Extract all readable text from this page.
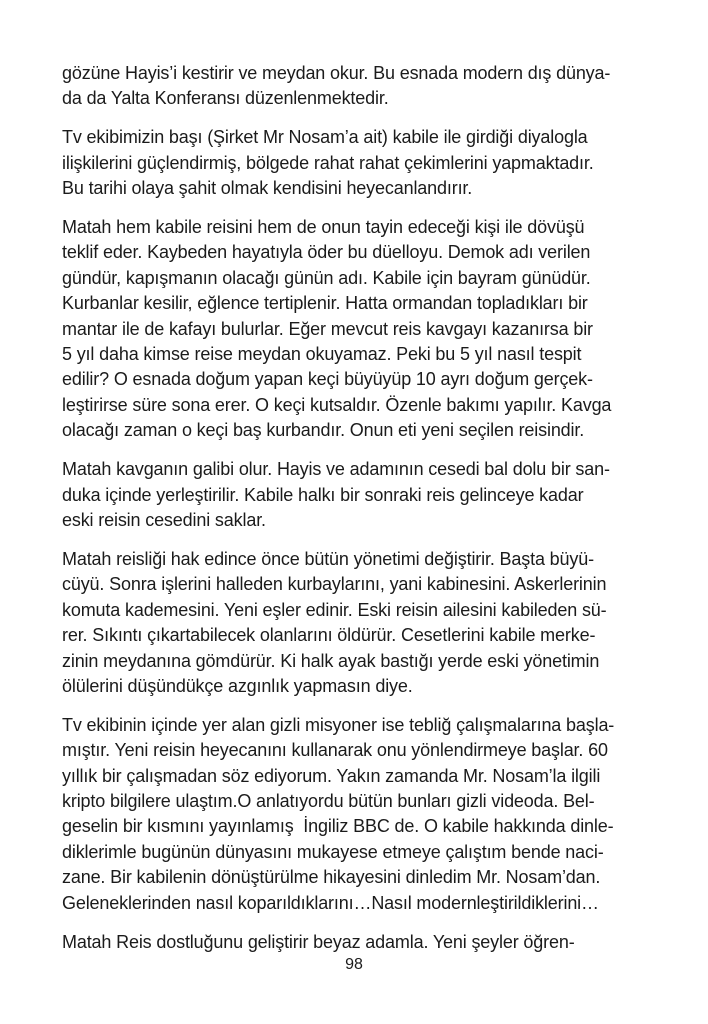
gözüne Hayis’i kestirir ve meydan okur. Bu esnada modern dış dünya-
da da Yalta Konferansı düzenlenmektedir.

Tv ekibimizin başı (Şirket Mr Nosam’a ait) kabile ile girdiği diyalogla
ilişkilerini güçlendirmiş, bölgede rahat rahat çekimlerini yapmaktadır.
Bu tarihi olaya şahit olmak kendisini heyecanlandırır.

Matah hem kabile reisini hem de onun tayin edeceği kişi ile dövüşü
teklif eder. Kaybeden hayatıyla öder bu düelloyu. Demok adı verilen
gündür, kapışmanın olacağı günün adı. Kabile için bayram günüdür.
Kurbanlar kesilir, eğlence tertiplenir. Hatta ormandan topladıkları bir
mantar ile de kafayı bulurlar. Eğer mevcut reis kavgayı kazanırsa bir
5 yıl daha kimse reise meydan okuyamaz. Peki bu 5 yıl nasıl tespit
edilir? O esnada doğum yapan keçi büyüyüp 10 ayrı doğum gerçek-
leştirirse süre sona erer. O keçi kutsaldır. Özenle bakımı yapılır. Kavga
olacağı zaman o keçi baş kurbandır. Onun eti yeni seçilen reisindir.

Matah kavganın galibi olur. Hayis ve adamının cesedi bal dolu bir san-
duka içinde yerleştirilir. Kabile halkı bir sonraki reis gelinceye kadar
eski reisin cesedini saklar.

Matah reisliği hak edince önce bütün yönetimi değiştirir. Başta büyü-
cüyü. Sonra işlerini halleden kurbaylarını, yani kabinesini. Askerlerinin
komuta kademesini. Yeni eşler edinir. Eski reisin ailesini kabileden sü-
rer. Sıkıntı çıkartabilecek olanlarını öldürür. Cesetlerini kabile merke-
zinin meydanına gömdürür. Ki halk ayak bastığı yerde eski yönetimin
ölülerini düşündükçe azgınlık yapmasın diye.

Tv ekibinin içinde yer alan gizli misyoner ise tebliğ çalışmalarına başla-
mıştır. Yeni reisin heyecanını kullanarak onu yönlendirmeye başlar. 60
yıllık bir çalışmadan söz ediyorum. Yakın zamanda Mr. Nosam’la ilgili
kripto bilgilere ulaştım.O anlatıyordu bütün bunları gizli videoda. Bel-
geselin bir kısmını yayınlamış  İngiliz BBC de. O kabile hakkında dinle-
diklerimle bugünün dünyasını mukayese etmeye çalıştım bende naci-
zane. Bir kabilenin dönüştürülme hikayesini dinledim Mr. Nosam’dan.
Geleneklerinden nasıl koparıldıklarını…Nasıl modernleştirildiklerini…

Matah Reis dostluğunu geliştirir beyaz adamla. Yeni şeyler öğren-

98
